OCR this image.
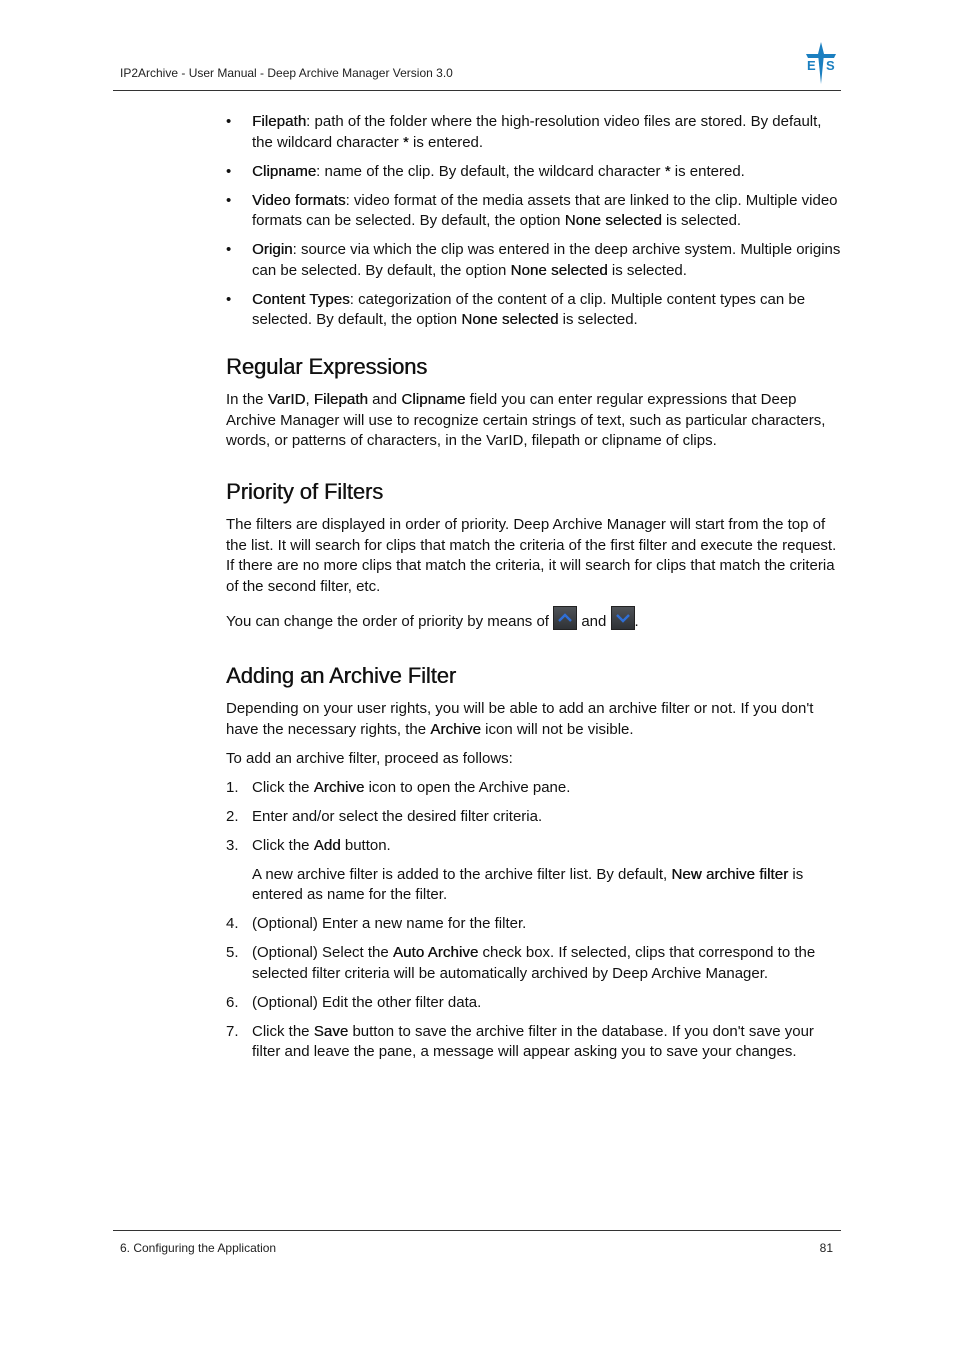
IP2Archive - User Manual - Deep Archive Manager Version 3.0	E S
• Filepath: path of the folder where the high-resolution video files are stored. By default, the wildcard character * is entered.
• Clipname: name of the clip. By default, the wildcard character * is entered.
• Video formats: video format of the media assets that are linked to the clip. Multiple video formats can be selected. By default, the option None selected is selected.
• Origin: source via which the clip was entered in the deep archive system. Multiple origins can be selected. By default, the option None selected is selected.
• Content Types: categorization of the content of a clip. Multiple content types can be selected. By default, the option None selected is selected.
Regular Expressions

In the VarID, Filepath and Clipname field you can enter regular expressions that Deep Archive Manager will use to recognize certain strings of text, such as particular characters, words, or patterns of characters, in the VarID, filepath or clipname of clips.

Priority of Filters

The filters are displayed in order of priority. Deep Archive Manager will start from the top of the list. It will search for clips that match the criteria of the first filter and execute the request. If there are no more clips that match the criteria, it will search for clips that match the criteria of the second filter, etc.

You can change the order of priority by means of
and
.

Adding an Archive Filter

Depending on your user rights, you will be able to add an archive filter or not. If you don't have the necessary rights, the Archive icon will not be visible.

To add an archive filter, proceed as follows:

1. Click the Archive icon to open the Archive pane.
2. Enter and/or select the desired filter criteria.
3. Click the Add button.
A new archive filter is added to the archive filter list. By default, New archive filter is entered as name for the filter.
4. (Optional) Enter a new name for the filter.
5. (Optional) Select the Auto Archive check box. If selected, clips that correspond to the selected filter criteria will be automatically archived by Deep Archive Manager.
6. (Optional) Edit the other filter data.
7. Click the Save button to save the archive filter in the database. If you don't save your filter and leave the pane, a message will appear asking you to save your changes.
6. Configuring the Application	81
